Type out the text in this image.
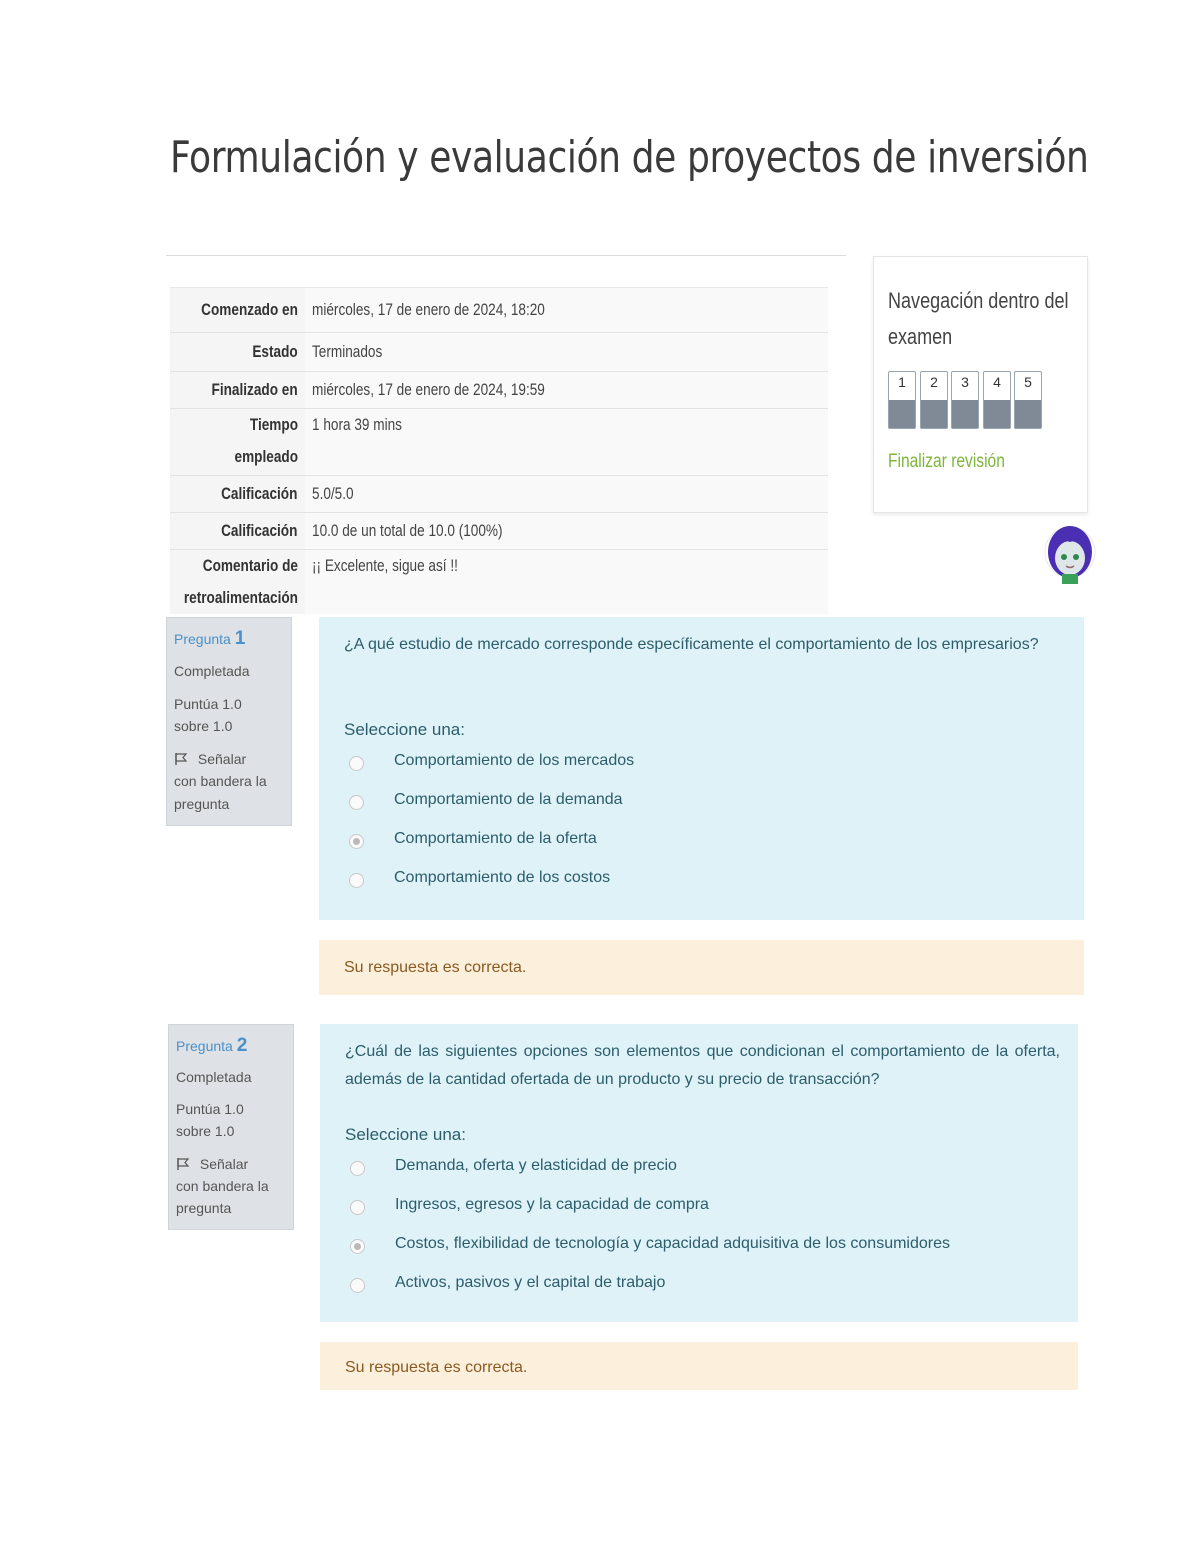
Formulación y evaluación de proyectos de inversión
Comenzado en	miércoles, 17 de enero de 2024, 18:20
Estado	Terminados
Finalizado en	miércoles, 17 de enero de 2024, 19:59
Tiempo empleado	1 hora 39 mins
Calificación	5.0/5.0
Calificación	10.0 de un total de 10.0 (100%)
Comentario de retroalimentación	¡¡ Excelente, sigue así !!
Navegación dentro del examen
1	2	3	4	5
Finalizar revisión
Pregunta 1
Completada
Puntúa 1.0
sobre 1.0
Señalar
con bandera la
pregunta
¿A qué estudio de mercado corresponde específicamente el comportamiento de los empresarios?
Seleccione una:
Comportamiento de los mercados
Comportamiento de la demanda
Comportamiento de la oferta
Comportamiento de los costos
Su respuesta es correcta.
Pregunta 2
Completada
Puntúa 1.0
sobre 1.0
Señalar
con bandera la
pregunta
¿Cuál de las siguientes opciones son elementos que condicionan el comportamiento de la oferta, además de la cantidad ofertada de un producto y su precio de transacción?
Seleccione una:
Demanda, oferta y elasticidad de precio
Ingresos, egresos y la capacidad de compra
Costos, flexibilidad de tecnología y capacidad adquisitiva de los consumidores
Activos, pasivos y el capital de trabajo
Su respuesta es correcta.
